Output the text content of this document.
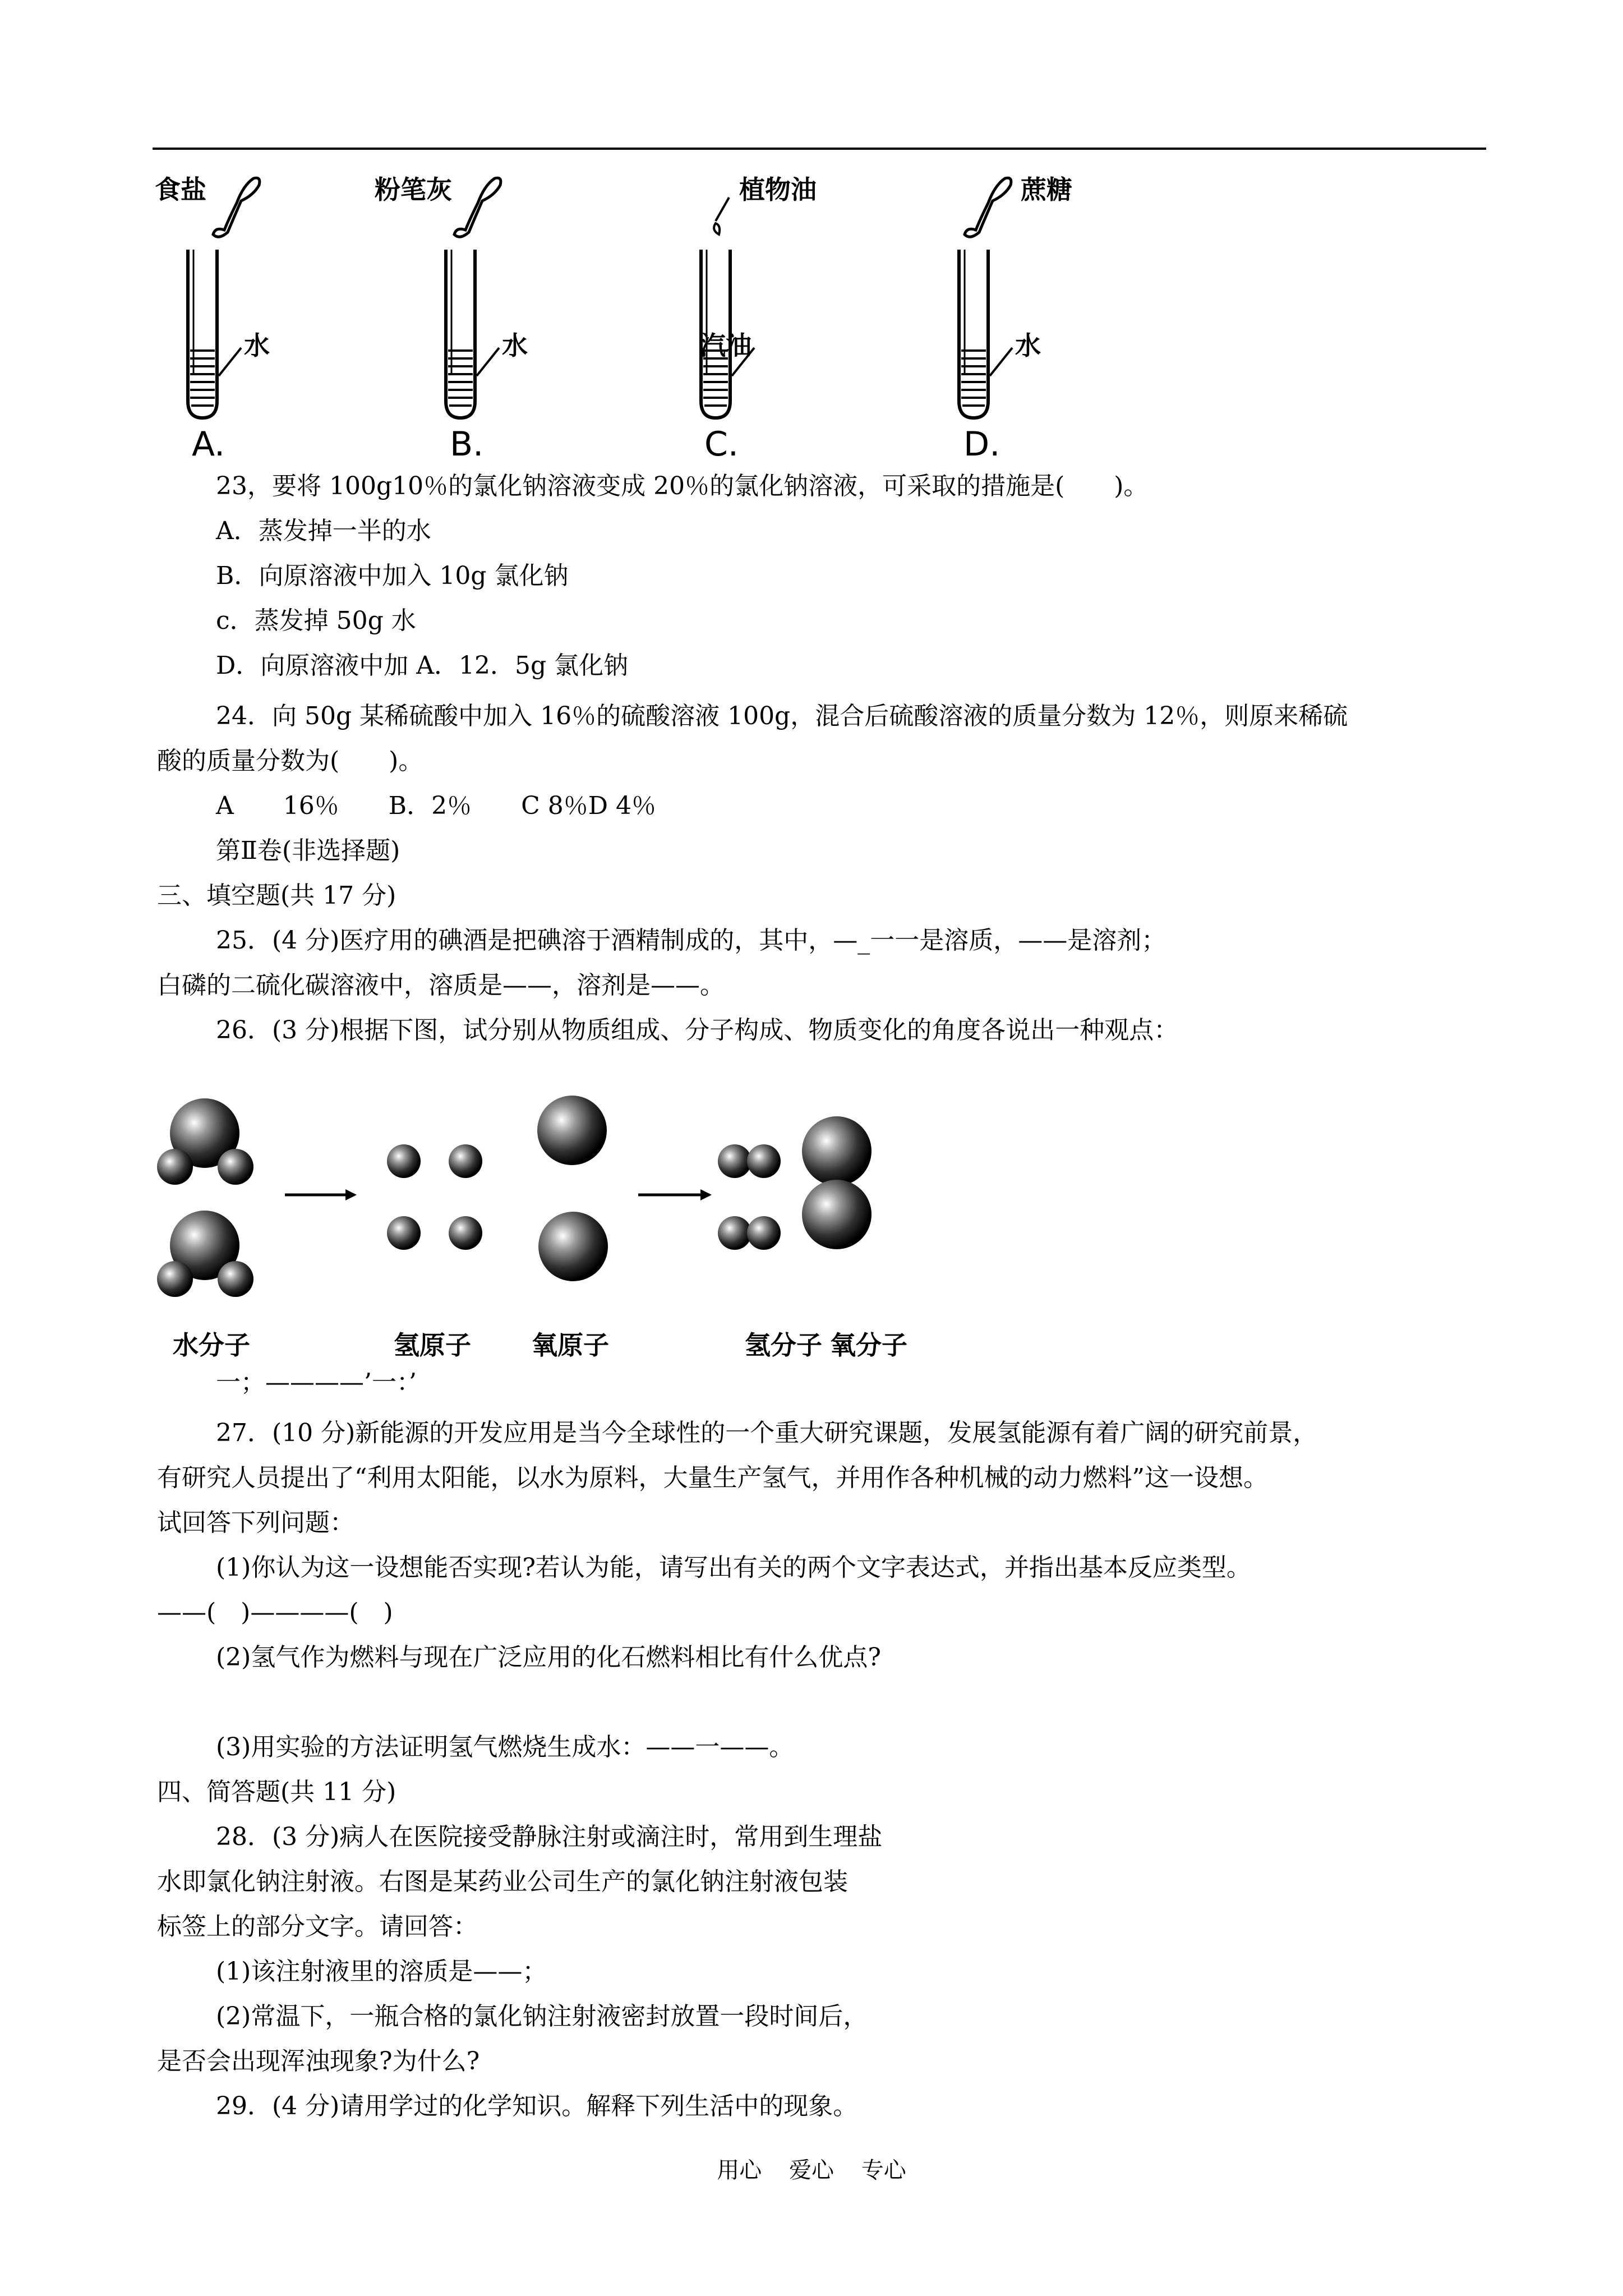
食盐
水
A.
粉笔灰
水
B.
植物油
汽油
C.
蔗糖
水
D.

23，要将 100g10％的氯化钠溶液变成 20％的氯化钠溶液，可采取的措施是(　　)。

A．蒸发掉一半的水

B．向原溶液中加入 10g 氯化钠

c．蒸发掉 50g 水

D．向原溶液中加 A．12．5g 氯化钠

24．向 50g 某稀硫酸中加入 16％的硫酸溶液 100g，混合后硫酸溶液的质量分数为 12％，则原来稀硫

酸的质量分数为(　　)。

A　　16％　　B．2％　　C 8％D 4％

第Ⅱ卷(非选择题)

三、填空题(共 17 分)

25．(4 分)医疗用的碘酒是把碘溶于酒精制成的，其中，—_一一是溶质，——是溶剂；

白磷的二硫化碳溶液中，溶质是——，溶剂是——。

26．(3 分)根据下图，试分别从物质组成、分子构成、物质变化的角度各说出一种观点：

水分子	氢原子 氧原子	氢分子 氧分子

一；————’一：’

27．(10 分)新能源的开发应用是当今全球性的一个重大研究课题，发展氢能源有着广阔的研究前景，

有研究人员提出了“利用太阳能，以水为原料，大量生产氢气，并用作各种机械的动力燃料”这一设想。

试回答下列问题：

(1)你认为这一设想能否实现?若认为能，请写出有关的两个文字表达式，并指出基本反应类型。

——(　)————(　)

(2)氢气作为燃料与现在广泛应用的化石燃料相比有什么优点?

(3)用实验的方法证明氢气燃烧生成水：——一——。

四、简答题(共 11 分)

28．(3 分)病人在医院接受静脉注射或滴注时，常用到生理盐

水即氯化钠注射液。右图是某药业公司生产的氯化钠注射液包装

标签上的部分文字。请回答：

(1)该注射液里的溶质是——；

(2)常温下，一瓶合格的氯化钠注射液密封放置一段时间后，

是否会出现浑浊现象?为什么?

29．(4 分)请用学过的化学知识。解释下列生活中的现象。

用心 爱心 专心
